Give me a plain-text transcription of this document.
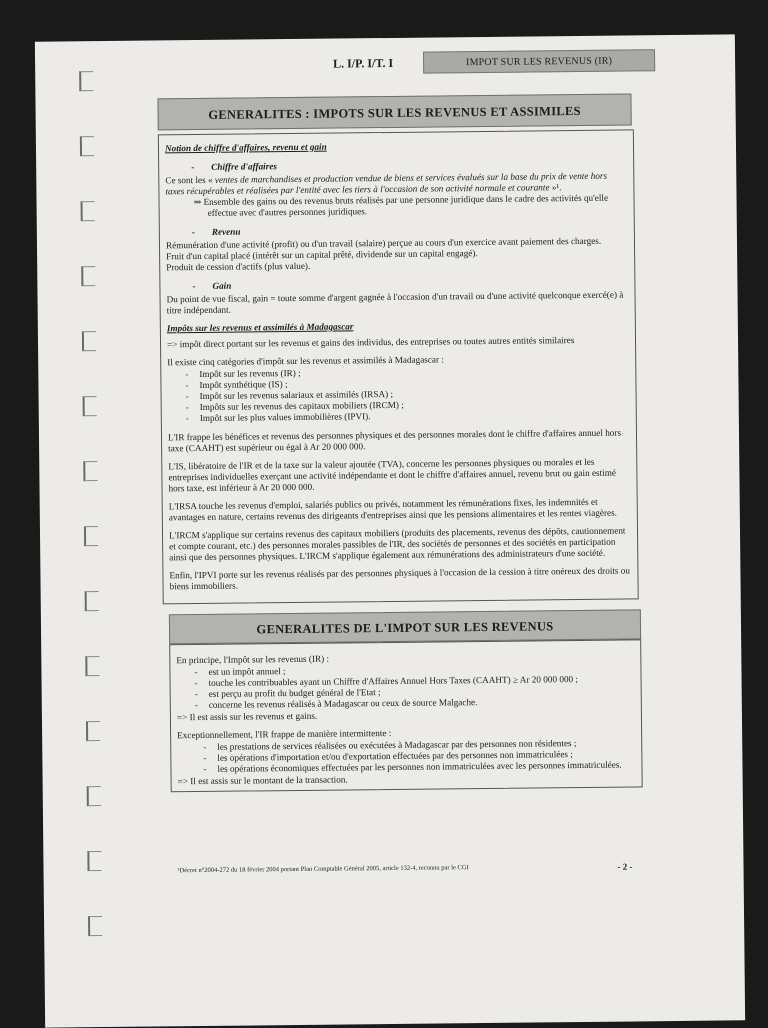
L. I/P. I/T. I	IMPOT SUR LES REVENUS (IR)
GENERALITES : IMPOTS SUR LES REVENUS ET ASSIMILES

Notion de chiffre d'affaires, revenu et gain

- Chiffre d'affaires

Ce sont les « ventes de marchandises et production vendue de biens et services évalués sur la base du prix de vente hors taxes récupérables et réalisées par l'entité avec les tiers à l'occasion de son activité normale et courante »¹.

⇒ Ensemble des gains ou des revenus bruts réalisés par une personne juridique dans le cadre des activités qu'elle effectue avec d'autres personnes juridiques.

- Revenu

Rémunération d'une activité (profit) ou d'un travail (salaire) perçue au cours d'un exercice avant paiement des charges.

Fruit d'un capital placé (intérêt sur un capital prêté, dividende sur un capital engagé).

Produit de cession d'actifs (plus value).

- Gain

Du point de vue fiscal, gain = toute somme d'argent gagnée à l'occasion d'un travail ou d'une activité quelconque exercé(e) à titre indépendant.

Impôts sur les revenus et assimilés à Madagascar

=> impôt direct portant sur les revenus et gains des individus, des entreprises ou toutes autres entités similaires

Il existe cinq catégories d'impôt sur les revenus et assimilés à Madagascar :

- Impôt sur les revenus (IR) ;
- Impôt synthétique (IS) ;
- Impôt sur les revenus salariaux et assimilés (IRSA) ;
- Impôts sur les revenus des capitaux mobiliers (IRCM) ;
- Impôt sur les plus values immobilières (IPVI).

L'IR frappe les bénéfices et revenus des personnes physiques et des personnes morales dont le chiffre d'affaires annuel hors taxe (CAAHT) est supérieur ou égal à Ar 20 000 000.

L'IS, libératoire de l'IR et de la taxe sur la valeur ajoutée (TVA), concerne les personnes physiques ou morales et les entreprises individuelles exerçant une activité indépendante et dont le chiffre d'affaires annuel, revenu brut ou gain estimé hors taxe, est inférieur à Ar 20 000 000.

L'IRSA touche les revenus d'emploi, salariés publics ou privés, notamment les rémunérations fixes, les indemnités et avantages en nature, certains revenus des dirigeants d'entreprises ainsi que les pensions alimentaires et les rentes viagères.

L'IRCM s'applique sur certains revenus des capitaux mobiliers (produits des placements, revenus des dépôts, cautionnement et compte courant, etc.) des personnes morales passibles de l'IR, des sociétés de personnes et des sociétés en participation ainsi que des personnes physiques. L'IRCM s'applique également aux rémunérations des administrateurs d'une société.

Enfin, l'IPVI porte sur les revenus réalisés par des personnes physiques à l'occasion de la cession à titre onéreux des droits ou biens immobiliers.

GENERALITES DE L'IMPOT SUR LES REVENUS

En principe, l'Impôt sur les revenus (IR) :

- est un impôt annuel ;
- touche les contribuables ayant un Chiffre d'Affaires Annuel Hors Taxes (CAAHT) ≥ Ar 20 000 000 ;
- est perçu au profit du budget général de l'Etat ;
- concerne les revenus réalisés à Madagascar ou ceux de source Malgache.

=> Il est assis sur les revenus et gains.

Exceptionnellement, l'IR frappe de manière intermittente :

- les prestations de services réalisées ou exécutées à Madagascar par des personnes non résidentes ;
- les opérations d'importation et/ou d'exportation effectuées par des personnes non immatriculées ;
- les opérations économiques effectuées par les personnes non immatriculées avec les personnes immatriculées.

=> Il est assis sur le montant de la transaction.

¹Décret n°2004-272 du 18 février 2004 portant Plan Comptable Général 2005, article 132-4, reconnu par le CGI	- 2 -
